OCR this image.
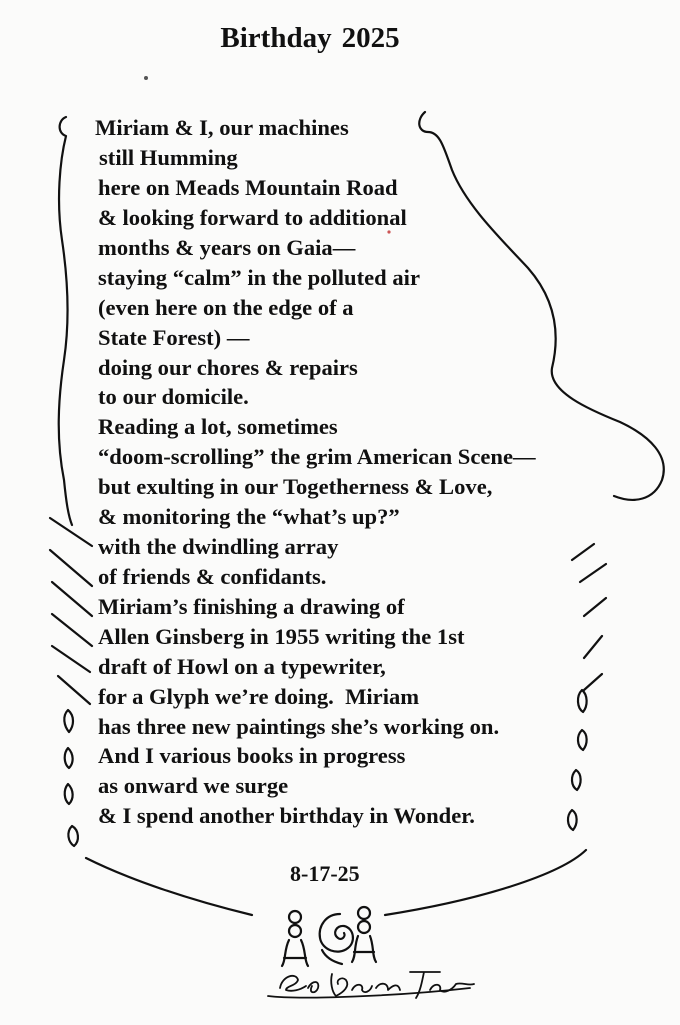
Birthday 2025
Miriam & I, our machines
still Humming
here on Meads Mountain Road
& looking forward to additional
months & years on Gaia—
staying “calm” in the polluted air
(even here on the edge of a
State Forest) —
doing our chores & repairs
to our domicile.
Reading a lot, sometimes
“doom-scrolling” the grim American Scene—
but exulting in our Togetherness & Love,
& monitoring the “what’s up?”
with the dwindling array
of friends & confidants.
Miriam’s finishing a drawing of
Allen Ginsberg in 1955 writing the 1st
draft of Howl on a typewriter,
for a Glyph we’re doing.  Miriam
has three new paintings she’s working on.
And I various books in progress
as onward we surge
& I spend another birthday in Wonder.
8-17-25
